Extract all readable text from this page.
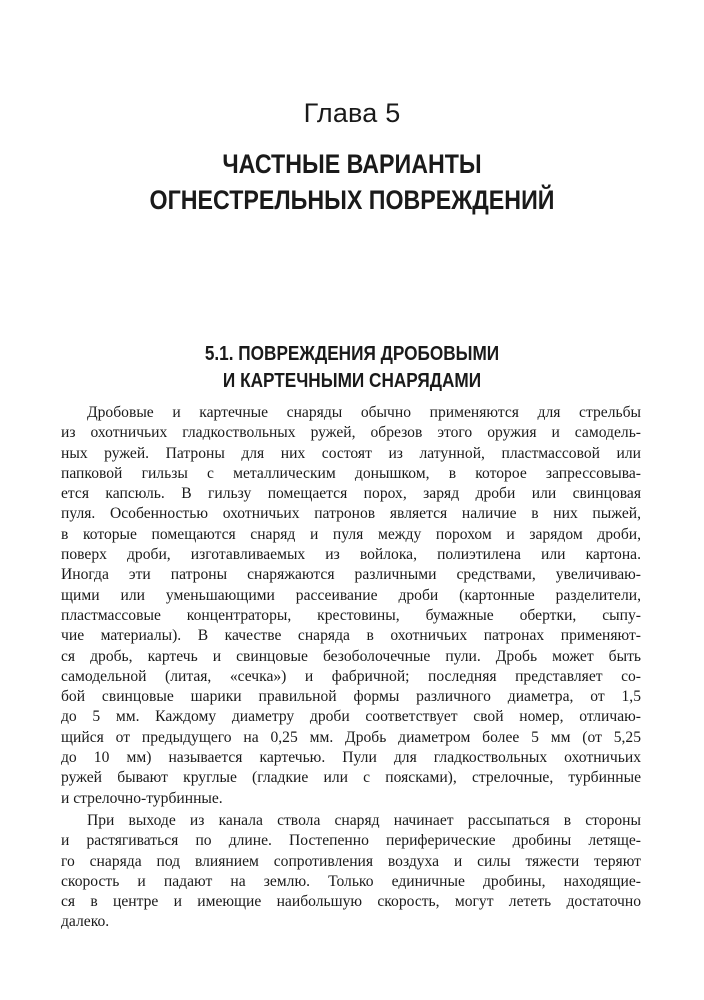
Глава 5
ЧАСТНЫЕ ВАРИАНТЫ
ОГНЕСТРЕЛЬНЫХ ПОВРЕЖДЕНИЙ
5.1. ПОВРЕЖДЕНИЯ ДРОБОВЫМИ
И КАРТЕЧНЫМИ СНАРЯДАМИ
Дробовые и картечные снаряды обычно применяются для стрельбы
из охотничьих гладкоствольных ружей, обрезов этого оружия и самодель-
ных ружей. Патроны для них состоят из латунной, пластмассовой или
папковой гильзы с металлическим донышком, в которое запрессовыва-
ется капсюль. В гильзу помещается порох, заряд дроби или свинцовая
пуля. Особенностью охотничьих патронов является наличие в них пыжей,
в которые помещаются снаряд и пуля между порохом и зарядом дроби,
поверх дроби, изготавливаемых из войлока, полиэтилена или картона.
Иногда эти патроны снаряжаются различными средствами, увеличиваю-
щими или уменьшающими рассеивание дроби (картонные разделители,
пластмассовые концентраторы, крестовины, бумажные обертки, сыпу-
чие материалы). В качестве снаряда в охотничьих патронах применяют-
ся дробь, картечь и свинцовые безоболочечные пули. Дробь может быть
самодельной (литая, «сечка») и фабричной; последняя представляет со-
бой свинцовые шарики правильной формы различного диаметра, от 1,5
до 5 мм. Каждому диаметру дроби соответствует свой номер, отличаю-
щийся от предыдущего на 0,25 мм. Дробь диаметром более 5 мм (от 5,25
до 10 мм) называется картечью. Пули для гладкоствольных охотничьих
ружей бывают круглые (гладкие или с поясками), стрелочные, турбинные
и стрелочно-турбинные.
При выходе из канала ствола снаряд начинает рассыпаться в стороны
и растягиваться по длине. Постепенно периферические дробины летяще-
го снаряда под влиянием сопротивления воздуха и силы тяжести теряют
скорость и падают на землю. Только единичные дробины, находящие-
ся в центре и имеющие наибольшую скорость, могут лететь достаточно
далеко.
